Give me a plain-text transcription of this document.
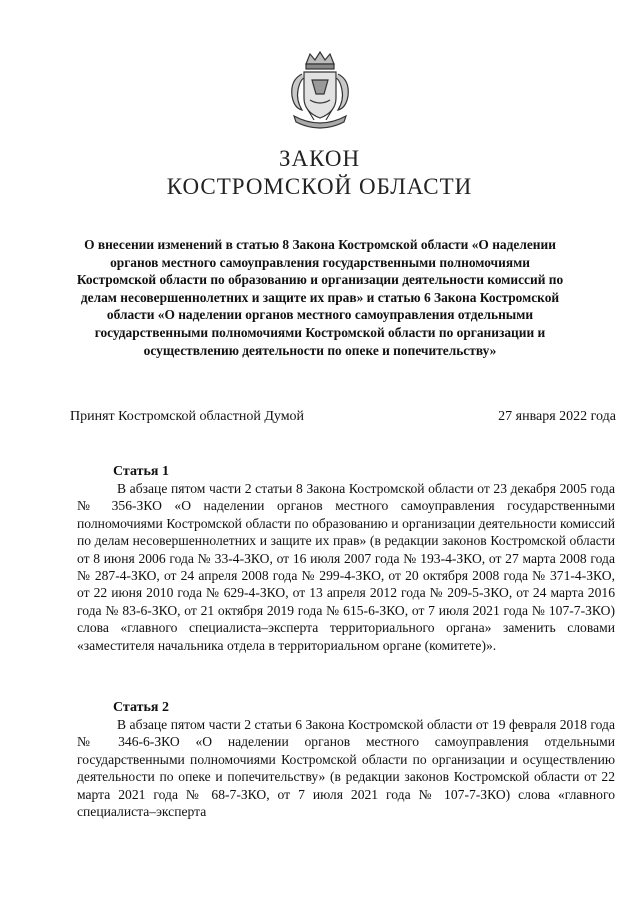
ЗАКОН
КОСТРОМСКОЙ ОБЛАСТИ
О внесении изменений в статью 8 Закона Костромской области «О наделении органов местного самоуправления государственными полномочиями Костромской области по образованию и организации деятельности комиссий по делам несовершеннолетних и защите их прав» и статью 6 Закона Костромской области «О наделении органов местного самоуправления отдельными государственными полномочиями Костромской области по организации и осуществлению деятельности по опеке и попечительству»
Принят Костромской областной Думой	27 января 2022 года
Статья 1
В абзаце пятом части 2 статьи 8 Закона Костромской области от 23 декабря 2005 года № 356-ЗКО «О наделении органов местного самоуправления государственными полномочиями Костромской области по образованию и организации деятельности комиссий по делам несовершеннолетних и защите их прав» (в редакции законов Костромской области от 8 июня 2006 года № 33-4-ЗКО, от 16 июля 2007 года № 193-4-ЗКО, от 27 марта 2008 года № 287-4-ЗКО, от 24 апреля 2008 года № 299-4-ЗКО, от 20 октября 2008 года № 371-4-ЗКО, от 22 июня 2010 года № 629-4-ЗКО, от 13 апреля 2012 года № 209-5-ЗКО, от 24 марта 2016 года № 83-6-ЗКО, от 21 октября 2019 года № 615-6-ЗКО, от 7 июля 2021 года № 107-7-ЗКО) слова «главного специалиста–эксперта территориального органа» заменить словами «заместителя начальника отдела в территориальном органе (комитете)».
Статья 2
В абзаце пятом части 2 статьи 6 Закона Костромской области от 19 февраля 2018 года № 346-6-ЗКО «О наделении органов местного самоуправления отдельными государственными полномочиями Костромской области по организации и осуществлению деятельности по опеке и попечительству» (в редакции законов Костромской области от 22 марта 2021 года № 68-7-ЗКО, от 7 июля 2021 года № 107-7-ЗКО) слова «главного специалиста–эксперта
